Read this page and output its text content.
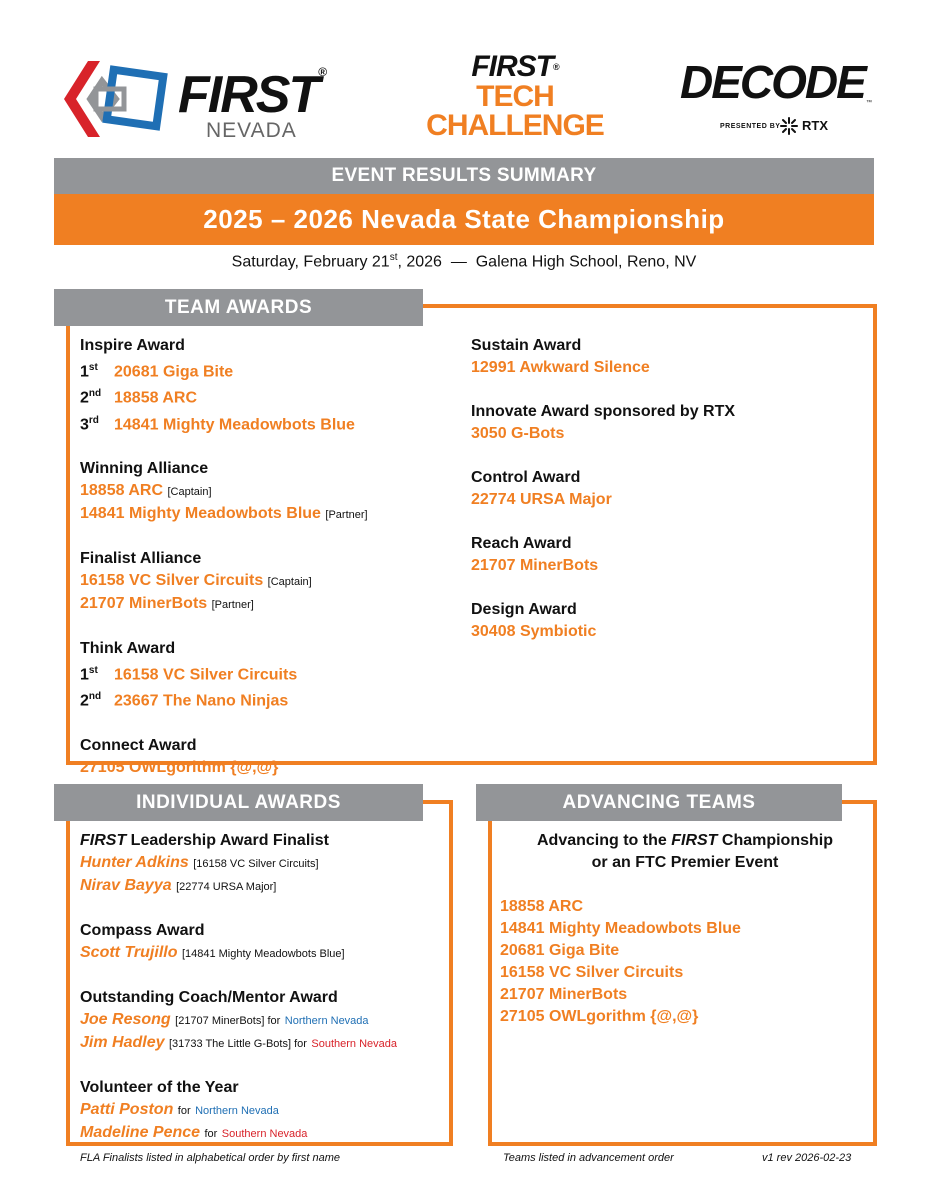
FIRST®
NEVADA
FIRST®
TECH
CHALLENGE
DECODE ™
PRESENTED BY RTX
EVENT RESULTS SUMMARY
2025 – 2026 Nevada State Championship
Saturday, February 21st, 2026  —  Galena High School, Reno, NV
TEAM AWARDS
Inspire Award
1st 20681 Giga Bite
2nd 18858 ARC
3rd 14841 Mighty Meadowbots Blue
Winning Alliance
18858 ARC [Captain]
14841 Mighty Meadowbots Blue [Partner]
Finalist Alliance
16158 VC Silver Circuits [Captain]
21707 MinerBots [Partner]
Think Award
1st 16158 VC Silver Circuits
2nd 23667 The Nano Ninjas
Connect Award
27105 OWLgorithm {@,@}
Sustain Award
12991 Awkward Silence
Innovate Award sponsored by RTX
3050 G-Bots
Control Award
22774 URSA Major
Reach Award
21707 MinerBots
Design Award
30408 Symbiotic
INDIVIDUAL AWARDS
FIRST Leadership Award Finalist
Hunter Adkins [16158 VC Silver Circuits]
Nirav Bayya [22774 URSA Major]
Compass Award
Scott Trujillo [14841 Mighty Meadowbots Blue]
Outstanding Coach/Mentor Award
Joe Resong [21707 MinerBots] for Northern Nevada
Jim Hadley [31733 The Little G-Bots] for Southern Nevada
Volunteer of the Year
Patti Poston for Northern Nevada
Madeline Pence for Southern Nevada
ADVANCING TEAMS
Advancing to the FIRST Championship
or an FTC Premier Event
18858 ARC
14841 Mighty Meadowbots Blue
20681 Giga Bite
16158 VC Silver Circuits
21707 MinerBots
27105 OWLgorithm {@,@}
FLA Finalists listed in alphabetical order by first name	Teams listed in advancement order	v1 rev 2026-02-23
